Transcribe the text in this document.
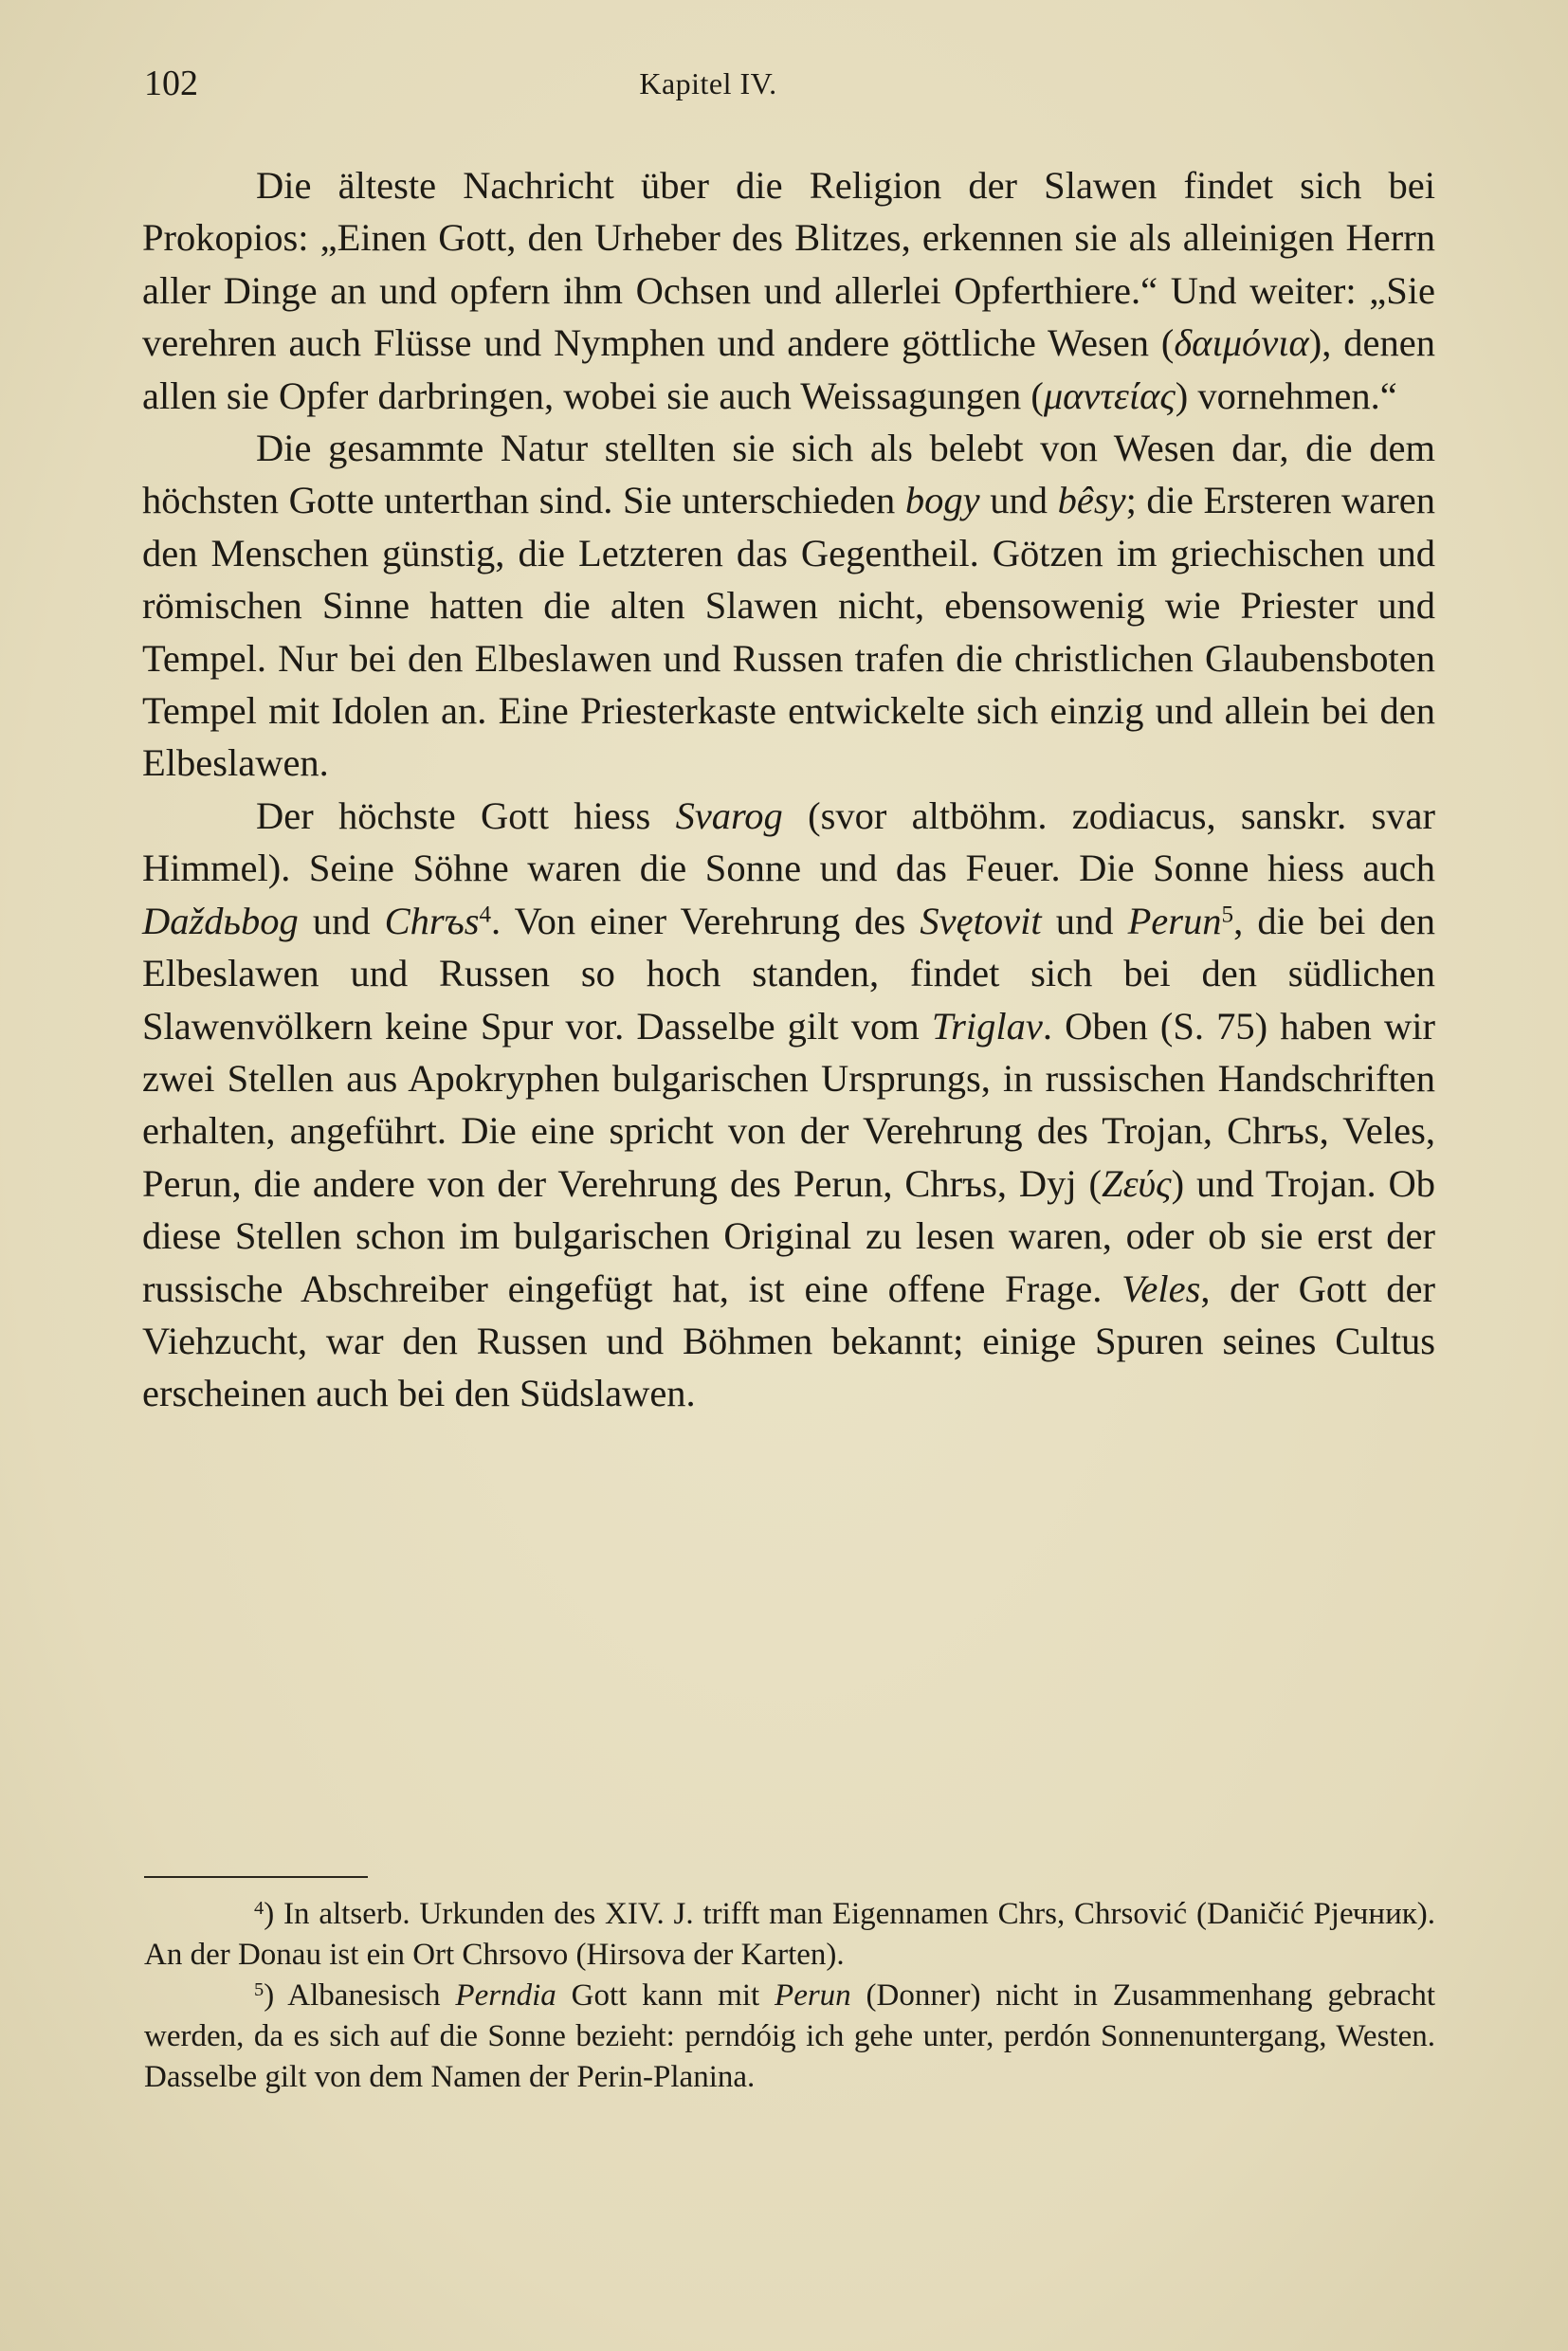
102	Kapitel IV.

Die älteste Nachricht über die Religion der Slawen findet sich bei Prokopios: „Einen Gott, den Urheber des Blitzes, erkennen sie als alleinigen Herrn aller Dinge an und opfern ihm Ochsen und allerlei Opferthiere.“ Und weiter: „Sie verehren auch Flüsse und Nymphen und andere göttliche Wesen (δαιμόνια), denen allen sie Opfer darbringen, wobei sie auch Weissagungen (μαντείας) vornehmen.“

Die gesammte Natur stellten sie sich als belebt von Wesen dar, die dem höchsten Gotte unterthan sind. Sie unterschieden bogy und bêsy; die Ersteren waren den Menschen günstig, die Letzteren das Gegentheil. Götzen im griechischen und römischen Sinne hatten die alten Slawen nicht, ebensowenig wie Priester und Tempel. Nur bei den Elbeslawen und Russen trafen die christlichen Glaubensboten Tempel mit Idolen an. Eine Priesterkaste entwickelte sich einzig und allein bei den Elbeslawen.

Der höchste Gott hiess Svarog (svor altböhm. zodiacus, sanskr. svar Himmel). Seine Söhne waren die Sonne und das Feuer. Die Sonne hiess auch Daždьbog und Chrъs$^4$. Von einer Verehrung des Svętovit und Perun$^5$, die bei den Elbeslawen und Russen so hoch standen, findet sich bei den südlichen Slawenvölkern keine Spur vor. Dasselbe gilt vom Triglav. Oben (S. 75) haben wir zwei Stellen aus Apokryphen bulgarischen Ursprungs, in russischen Handschriften erhalten, angeführt. Die eine spricht von der Verehrung des Trojan, Chrъs, Veles, Perun, die andere von der Verehrung des Perun, Chrъs, Dyj (Ζεύς) und Trojan. Ob diese Stellen schon im bulgarischen Original zu lesen waren, oder ob sie erst der russische Abschreiber eingefügt hat, ist eine offene Frage. Veles, der Gott der Viehzucht, war den Russen und Böhmen bekannt; einige Spuren seines Cultus erscheinen auch bei den Südslawen.

$^4$) In altserb. Urkunden des XIV. J. trifft man Eigennamen Chrs, Chrsović (Daničić Рјечник). An der Donau ist ein Ort Chrsovo (Hirsova der Karten).

$^5$) Albanesisch Perndia Gott kann mit Perun (Donner) nicht in Zusammenhang gebracht werden, da es sich auf die Sonne bezieht: perndóig ich gehe unter, perdón Sonnenuntergang, Westen. Dasselbe gilt von dem Namen der Perin-Planina.
